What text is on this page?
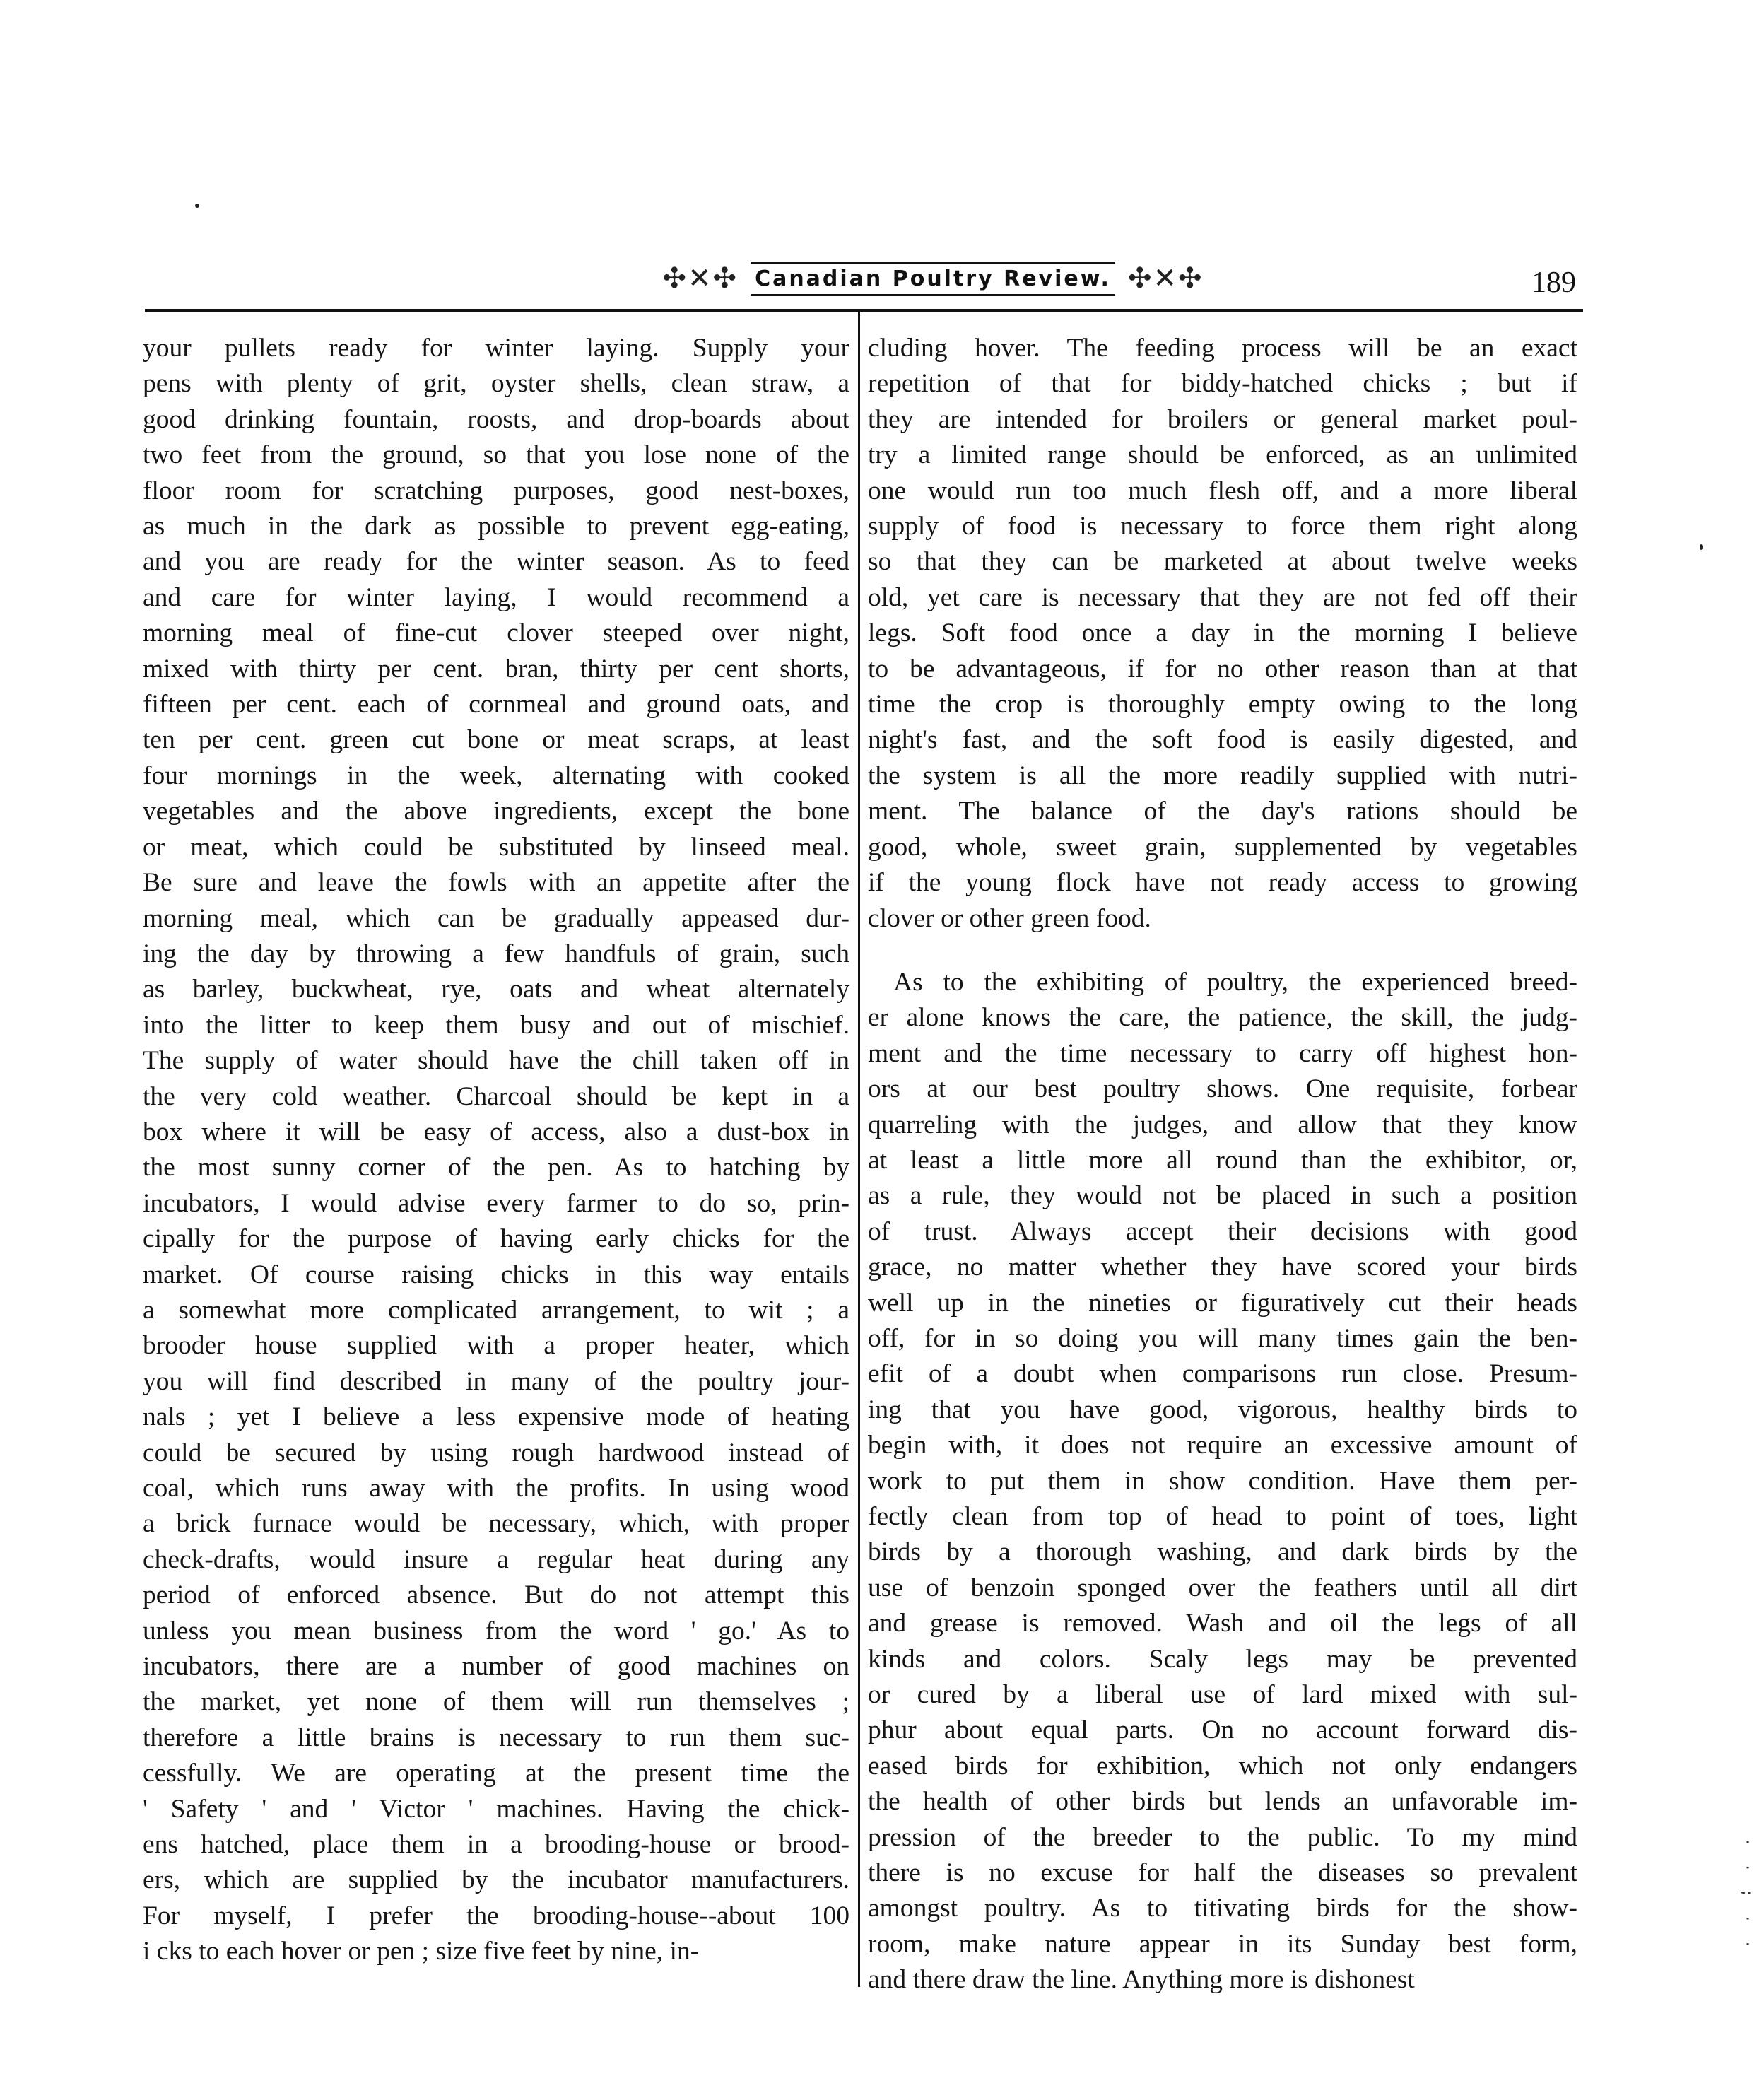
✣✕✣ Canadian Poultry Review. ✣✕✣	189

your pullets ready for winter laying. Supply your
pens with plenty of grit, oyster shells, clean straw, a
good drinking fountain, roosts, and drop-boards about
two feet from the ground, so that you lose none of the
floor room for scratching purposes, good nest-boxes,
as much in the dark as possible to prevent egg-eating,
and you are ready for the winter season. As to feed
and care for winter laying, I would recommend a
morning meal of fine-cut clover steeped over night,
mixed with thirty per cent. bran, thirty per cent shorts,
fifteen per cent. each of cornmeal and ground oats, and
ten per cent. green cut bone or meat scraps, at least
four mornings in the week, alternating with cooked
vegetables and the above ingredients, except the bone
or meat, which could be substituted by linseed meal.
Be sure and leave the fowls with an appetite after the
morning meal, which can be gradually appeased dur-
ing the day by throwing a few handfuls of grain, such
as barley, buckwheat, rye, oats and wheat alternately
into the litter to keep them busy and out of mischief.
The supply of water should have the chill taken off in
the very cold weather. Charcoal should be kept in a
box where it will be easy of access, also a dust-box in
the most sunny corner of the pen. As to hatching by
incubators, I would advise every farmer to do so, prin-
cipally for the purpose of having early chicks for the
market. Of course raising chicks in this way entails
a somewhat more complicated arrangement, to wit ; a
brooder house supplied with a proper heater, which
you will find described in many of the poultry jour-
nals ; yet I believe a less expensive mode of heating
could be secured by using rough hardwood instead of
coal, which runs away with the profits. In using wood
a brick furnace would be necessary, which, with proper
check-drafts, would insure a regular heat during any
period of enforced absence. But do not attempt this
unless you mean business from the word ' go.' As to
incubators, there are a number of good machines on
the market, yet none of them will run themselves ;
therefore a little brains is necessary to run them suc-
cessfully. We are operating at the present time the
' Safety ' and ' Victor ' machines. Having the chick-
ens hatched, place them in a brooding-house or brood-
ers, which are supplied by the incubator manufacturers.
For myself, I prefer the brooding-house--about 100
i cks to each hover or pen ; size five feet by nine, in-

cluding hover. The feeding process will be an exact
repetition of that for biddy-hatched chicks ; but if
they are intended for broilers or general market poul-
try a limited range should be enforced, as an unlimited
one would run too much flesh off, and a more liberal
supply of food is necessary to force them right along
so that they can be marketed at about twelve weeks
old, yet care is necessary that they are not fed off their
legs. Soft food once a day in the morning I believe
to be advantageous, if for no other reason than at that
time the crop is thoroughly empty owing to the long
night's fast, and the soft food is easily digested, and
the system is all the more readily supplied with nutri-
ment. The balance of the day's rations should be
good, whole, sweet grain, supplemented by vegetables
if the young flock have not ready access to growing
clover or other green food.

As to the exhibiting of poultry, the experienced breed-
er alone knows the care, the patience, the skill, the judg-
ment and the time necessary to carry off highest hon-
ors at our best poultry shows. One requisite, forbear
quarreling with the judges, and allow that they know
at least a little more all round than the exhibitor, or,
as a rule, they would not be placed in such a position
of trust. Always accept their decisions with good
grace, no matter whether they have scored your birds
well up in the nineties or figuratively cut their heads
off, for in so doing you will many times gain the ben-
efit of a doubt when comparisons run close. Presum-
ing that you have good, vigorous, healthy birds to
begin with, it does not require an excessive amount of
work to put them in show condition. Have them per-
fectly clean from top of head to point of toes, light
birds by a thorough washing, and dark birds by the
use of benzoin sponged over the feathers until all dirt
and grease is removed. Wash and oil the legs of all
kinds and colors. Scaly legs may be prevented
or cured by a liberal use of lard mixed with sul-
phur about equal parts. On no account forward dis-
eased birds for exhibition, which not only endangers
the health of other birds but lends an unfavorable im-
pression of the breeder to the public. To my mind
there is no excuse for half the diseases so prevalent
amongst poultry. As to titivating birds for the show-
room, make nature appear in its Sunday best form,
and there draw the line. Anything more is dishonest

· · ; · ·
